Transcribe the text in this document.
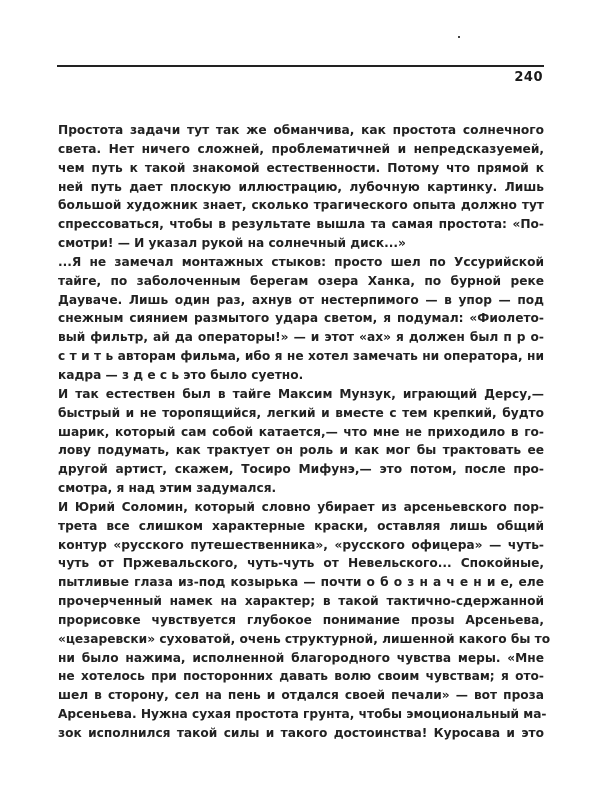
240
Простота задачи тут так же обманчива, как простота солнечного
света. Нет ничего сложней, проблематичней и непредсказуемей,
чем путь к такой знакомой естественности. Потому что прямой к
ней путь дает плоскую иллюстрацию, лубочную картинку. Лишь
большой художник знает, сколько трагического опыта должно тут
спрессоваться, чтобы в результате вышла та самая простота: «По-
смотри! — И указал рукой на солнечный диск...»
...Я не замечал монтажных стыков: просто шел по Уссурийской
тайге, по заболоченным берегам озера Ханка, по бурной реке
Дауваче. Лишь один раз, ахнув от нестерпимого — в упор — под
снежным сиянием размытого удара светом, я подумал: «Фиолето-
вый фильтр, ай да операторы!» — и этот «ах» я должен был п р о-
с т и т ь авторам фильма, ибо я не хотел замечать ни оператора, ни
кадра — з д е с ь это было суетно.
И так естествен был в тайге Максим Мунзук, играющий Дерсу,—
быстрый и не торопящийся, легкий и вместе с тем крепкий, будто
шарик, который сам собой катается,— что мне не приходило в го-
лову подумать, как трактует он роль и как мог бы трактовать ее
другой артист, скажем, Тосиро Мифунэ,— это потом, после про-
смотра, я над этим задумался.
И Юрий Соломин, который словно убирает из арсеньевского пор-
трета все слишком характерные краски, оставляя лишь общий
контур «русского путешественника», «русского офицера» — чуть-
чуть от Пржевальского, чуть-чуть от Невельского... Спокойные,
пытливые глаза из-под козырька — почти о б о з н а ч е н и е, еле
прочерченный намек на характер; в такой тактично-сдержанной
прорисовке чувствуется глубокое понимание прозы Арсеньева,
«цезаревски» суховатой, очень структурной, лишенной какого бы то
ни было нажима, исполненной благородного чувства меры. «Мне
не хотелось при посторонних давать волю своим чувствам; я ото-
шел в сторону, сел на пень и отдался своей печали» — вот проза
Арсеньева. Нужна сухая простота грунта, чтобы эмоциональный ма-
зок исполнился такой силы и такого достоинства! Куросава и это
